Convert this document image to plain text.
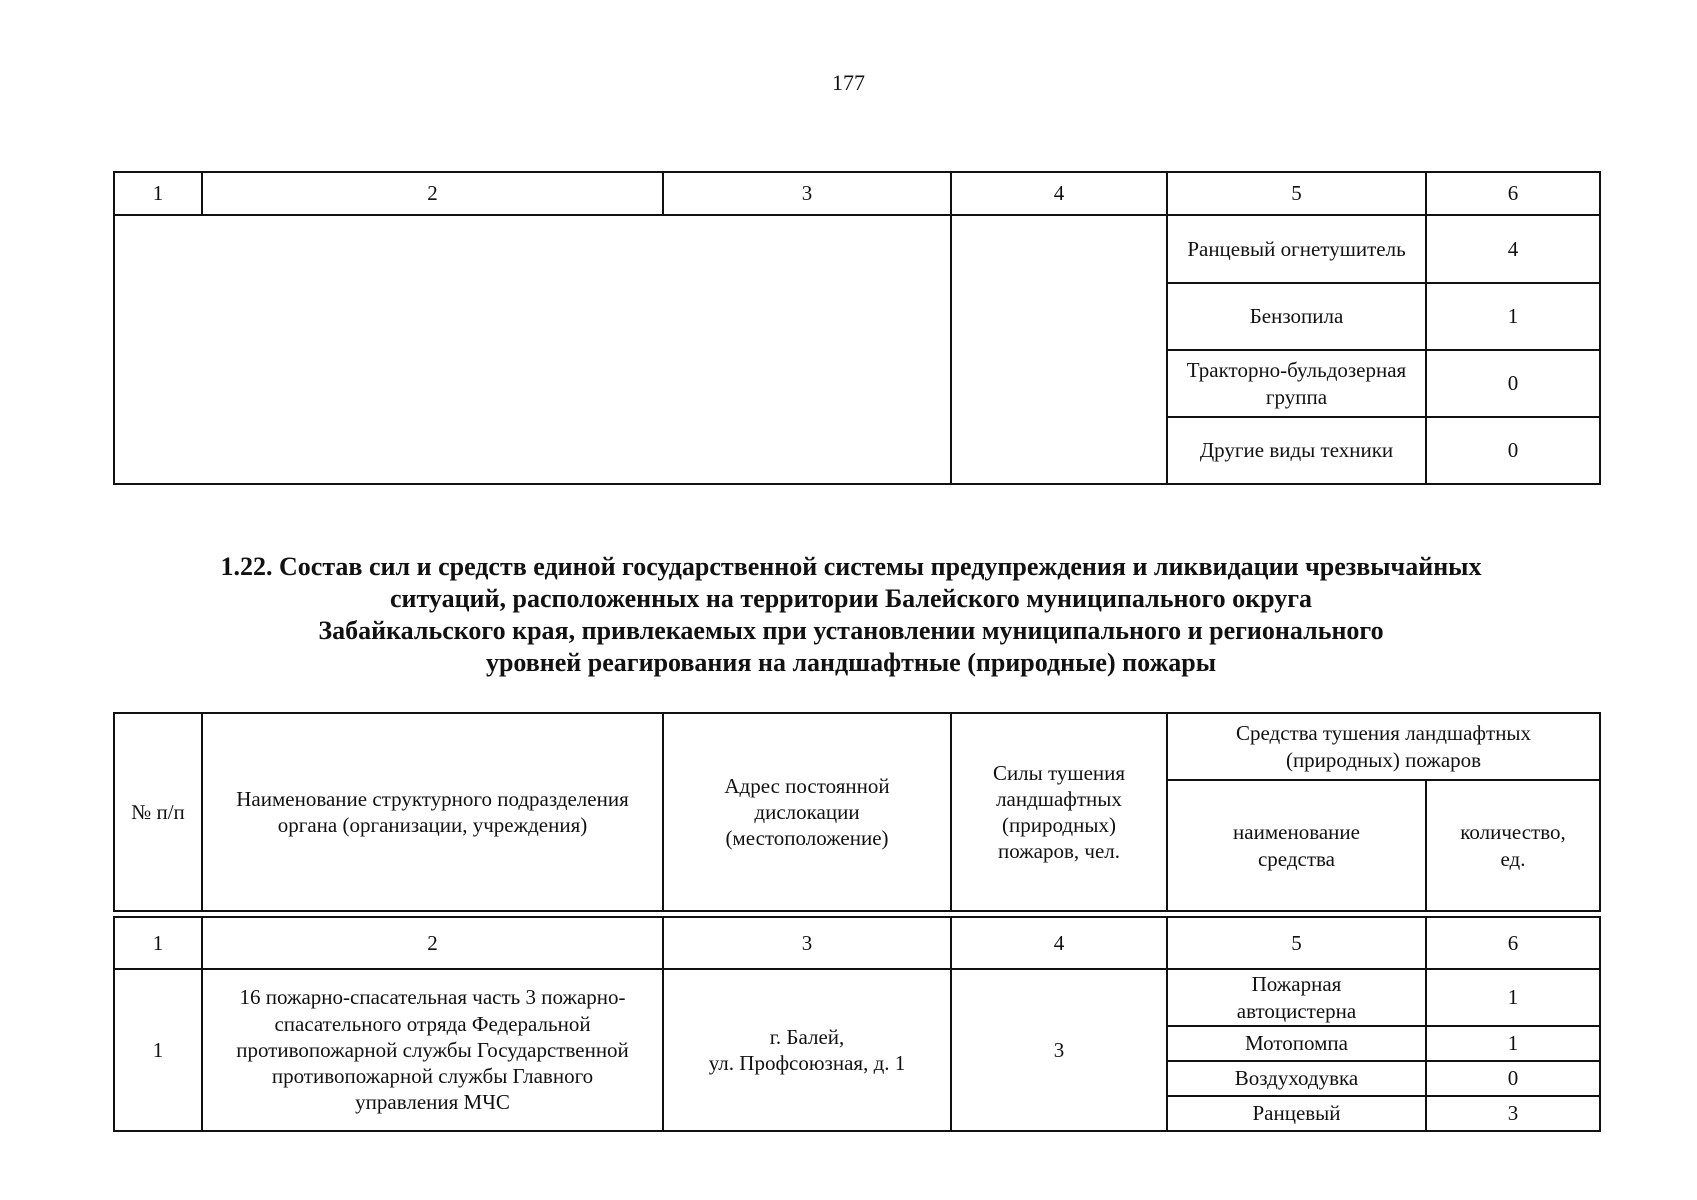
177
1	2	3	4	5	6
				Ранцевый огнетушитель	4
				Бензопила	1
				Тракторно-бульдозерная группа	0
				Другие виды техники	0
1.22. Состав сил и средств единой государственной системы предупреждения и ликвидации чрезвычайных
ситуаций, расположенных на территории Балейского муниципального округа
Забайкальского края, привлекаемых при установлении муниципального и регионального
уровней реагирования на ландшафтные (природные) пожары
№ п/п	Наименование структурного подразделения органа (организации, учреждения)	Адрес постоянной дислокации (местоположение)	Силы тушения ландшафтных (природных) пожаров, чел.	Средства тушения ландшафтных (природных) пожаров	
				наименование средства	количество, ед.
1	2	3	4	5	6
1	16 пожарно-спасательная часть 3 пожарно-спасательного отряда Федеральной противопожарной службы Государственной противопожарной службы Главного управления МЧС	г. Балей,
ул. Профсоюзная, д. 1	3	Пожарная автоцистерна	1
				Мотопомпа	1
				Воздуходувка	0
				Ранцевый	3
